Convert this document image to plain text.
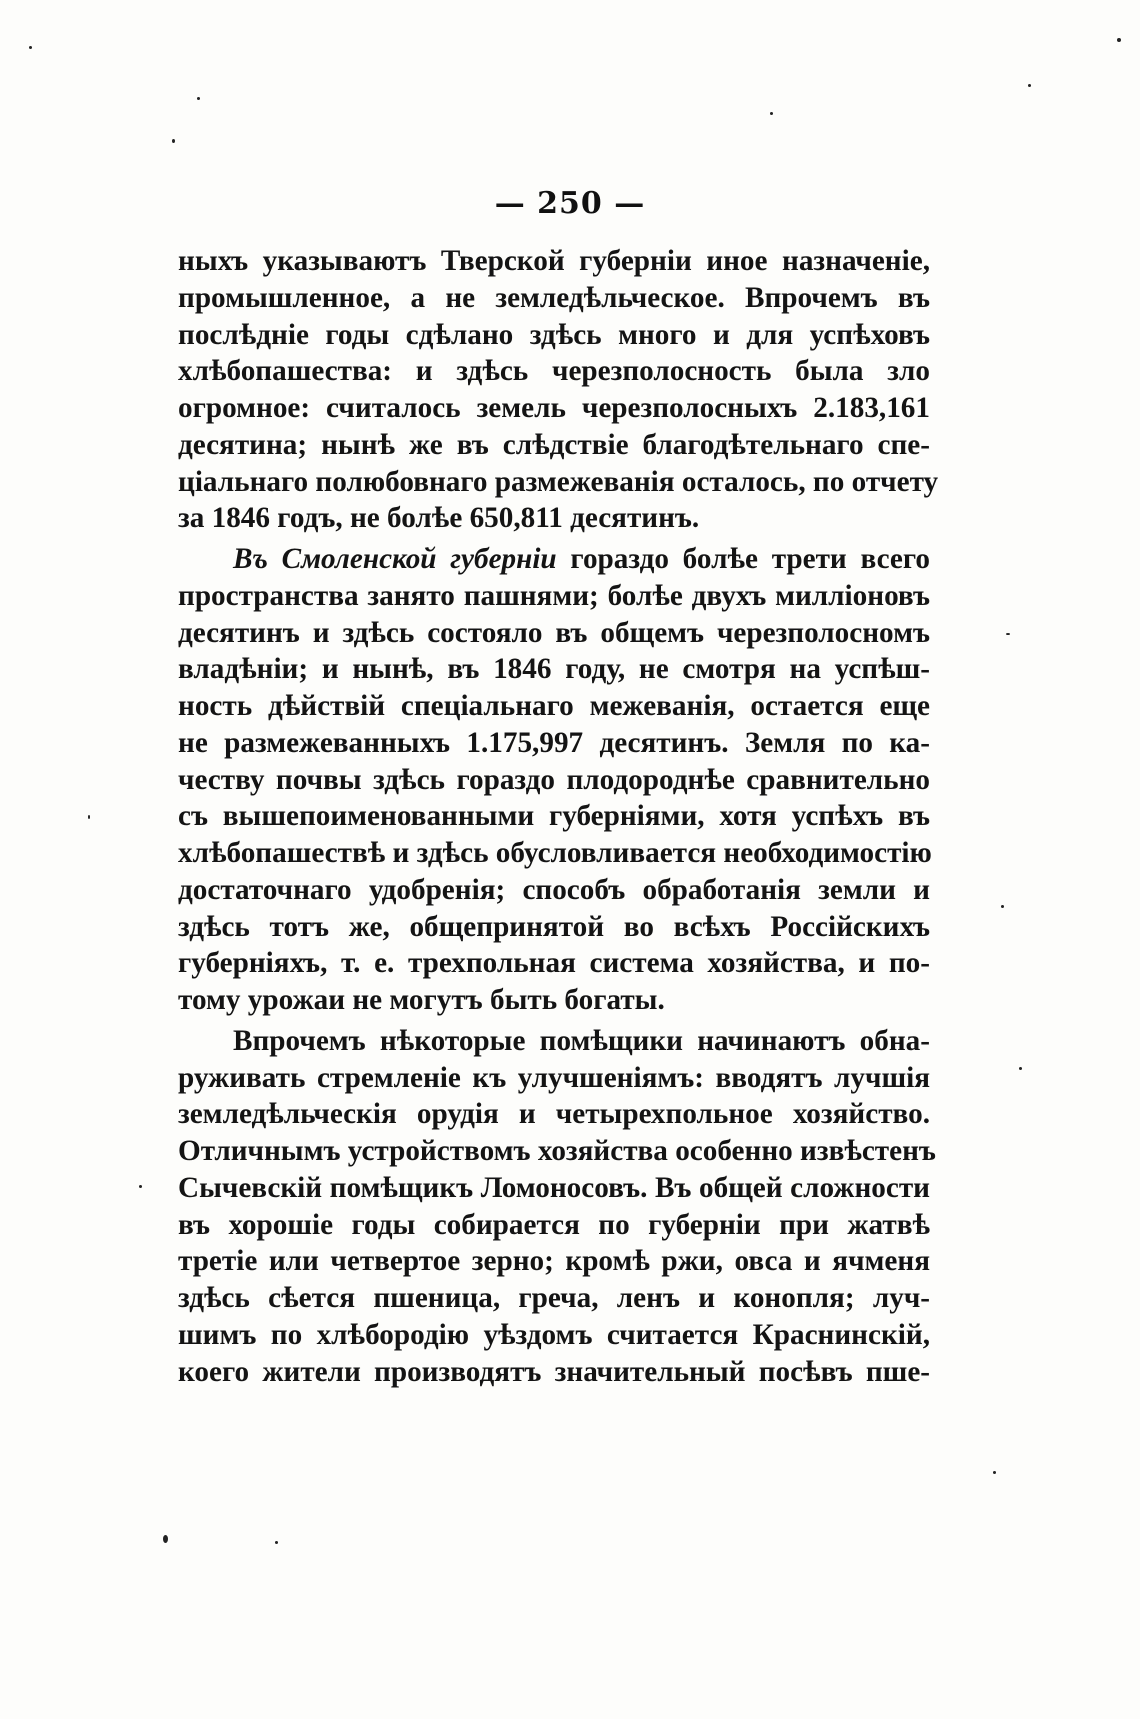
— 250 —
ныхъ указываютъ Тверской губерніи иное назначеніе,
промышленное, а не земледѣльческое. Впрочемъ въ
послѣдніе годы сдѣлано здѣсь много и для успѣховъ
хлѣбопашества: и здѣсь черезполосность была зло
огромное: считалось земель черезполосныхъ 2.183,161
десятина; нынѣ же въ слѣдствіе благодѣтельнаго спе-
ціальнаго полюбовнаго размежеванія осталось, по отчету
за 1846 годъ, не болѣе 650,811 десятинъ.
Въ Смоленской губерніи гораздо болѣе трети всего
пространства занято пашнями; болѣе двухъ милліоновъ
десятинъ и здѣсь состояло въ общемъ черезполосномъ
владѣніи; и нынѣ, въ 1846 году, не смотря на успѣш-
ность дѣйствій спеціальнаго межеванія, остается еще
не размежеванныхъ 1.175,997 десятинъ. Земля по ка-
честву почвы здѣсь гораздо плодороднѣе сравнительно
съ вышепоименованными губерніями, хотя успѣхъ въ
хлѣбопашествѣ и здѣсь обусловливается необходимостію
достаточнаго удобренія; способъ обработанія земли и
здѣсь тотъ же, общепринятой во всѣхъ Россійскихъ
губерніяхъ, т. е. трехпольная система хозяйства, и по-
тому урожаи не могутъ быть богаты.
Впрочемъ нѣкоторые помѣщики начинаютъ обна-
руживать стремленіе къ улучшеніямъ: вводятъ лучшія
земледѣльческія орудія и четырехпольное хозяйство.
Отличнымъ устройствомъ хозяйства особенно извѣстенъ
Сычевскій помѣщикъ Ломоносовъ. Въ общей сложности
въ хорошіе годы собирается по губерніи при жатвѣ
третіе или четвертое зерно; кромѣ ржи, овса и ячменя
здѣсь сѣется пшеница, греча, ленъ и конопля; луч-
шимъ по хлѣбородію уѣздомъ считается Краснинскій,
коего жители производятъ значительный посѣвъ пше-
